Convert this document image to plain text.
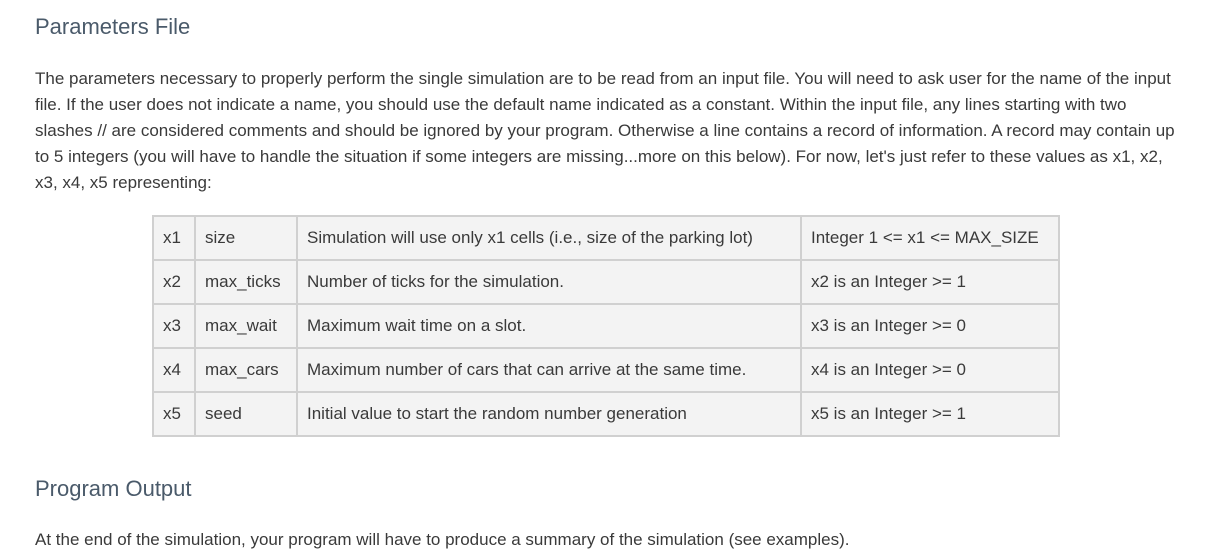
Parameters File

The parameters necessary to properly perform the single simulation are to be read from an input file. You will need to ask user for the name of the input file. If the user does not indicate a name, you should use the default name indicated as a constant. Within the input file, any lines starting with two slashes // are considered comments and should be ignored by your program. Otherwise a line contains a record of information. A record may contain up to 5 integers (you will have to handle the situation if some integers are missing...more on this below). For now, let's just refer to these values as x1, x2, x3, x4, x5 representing:

x1	size	Simulation will use only x1 cells (i.e., size of the parking lot)	Integer 1 <= x1 <= MAX_SIZE
x2	max_ticks	Number of ticks for the simulation.	x2 is an Integer >= 1
x3	max_wait	Maximum wait time on a slot.	x3 is an Integer >= 0
x4	max_cars	Maximum number of cars that can arrive at the same time.	x4 is an Integer >= 0
x5	seed	Initial value to start the random number generation	x5 is an Integer >= 1
Program Output

At the end of the simulation, your program will have to produce a summary of the simulation (see examples).
